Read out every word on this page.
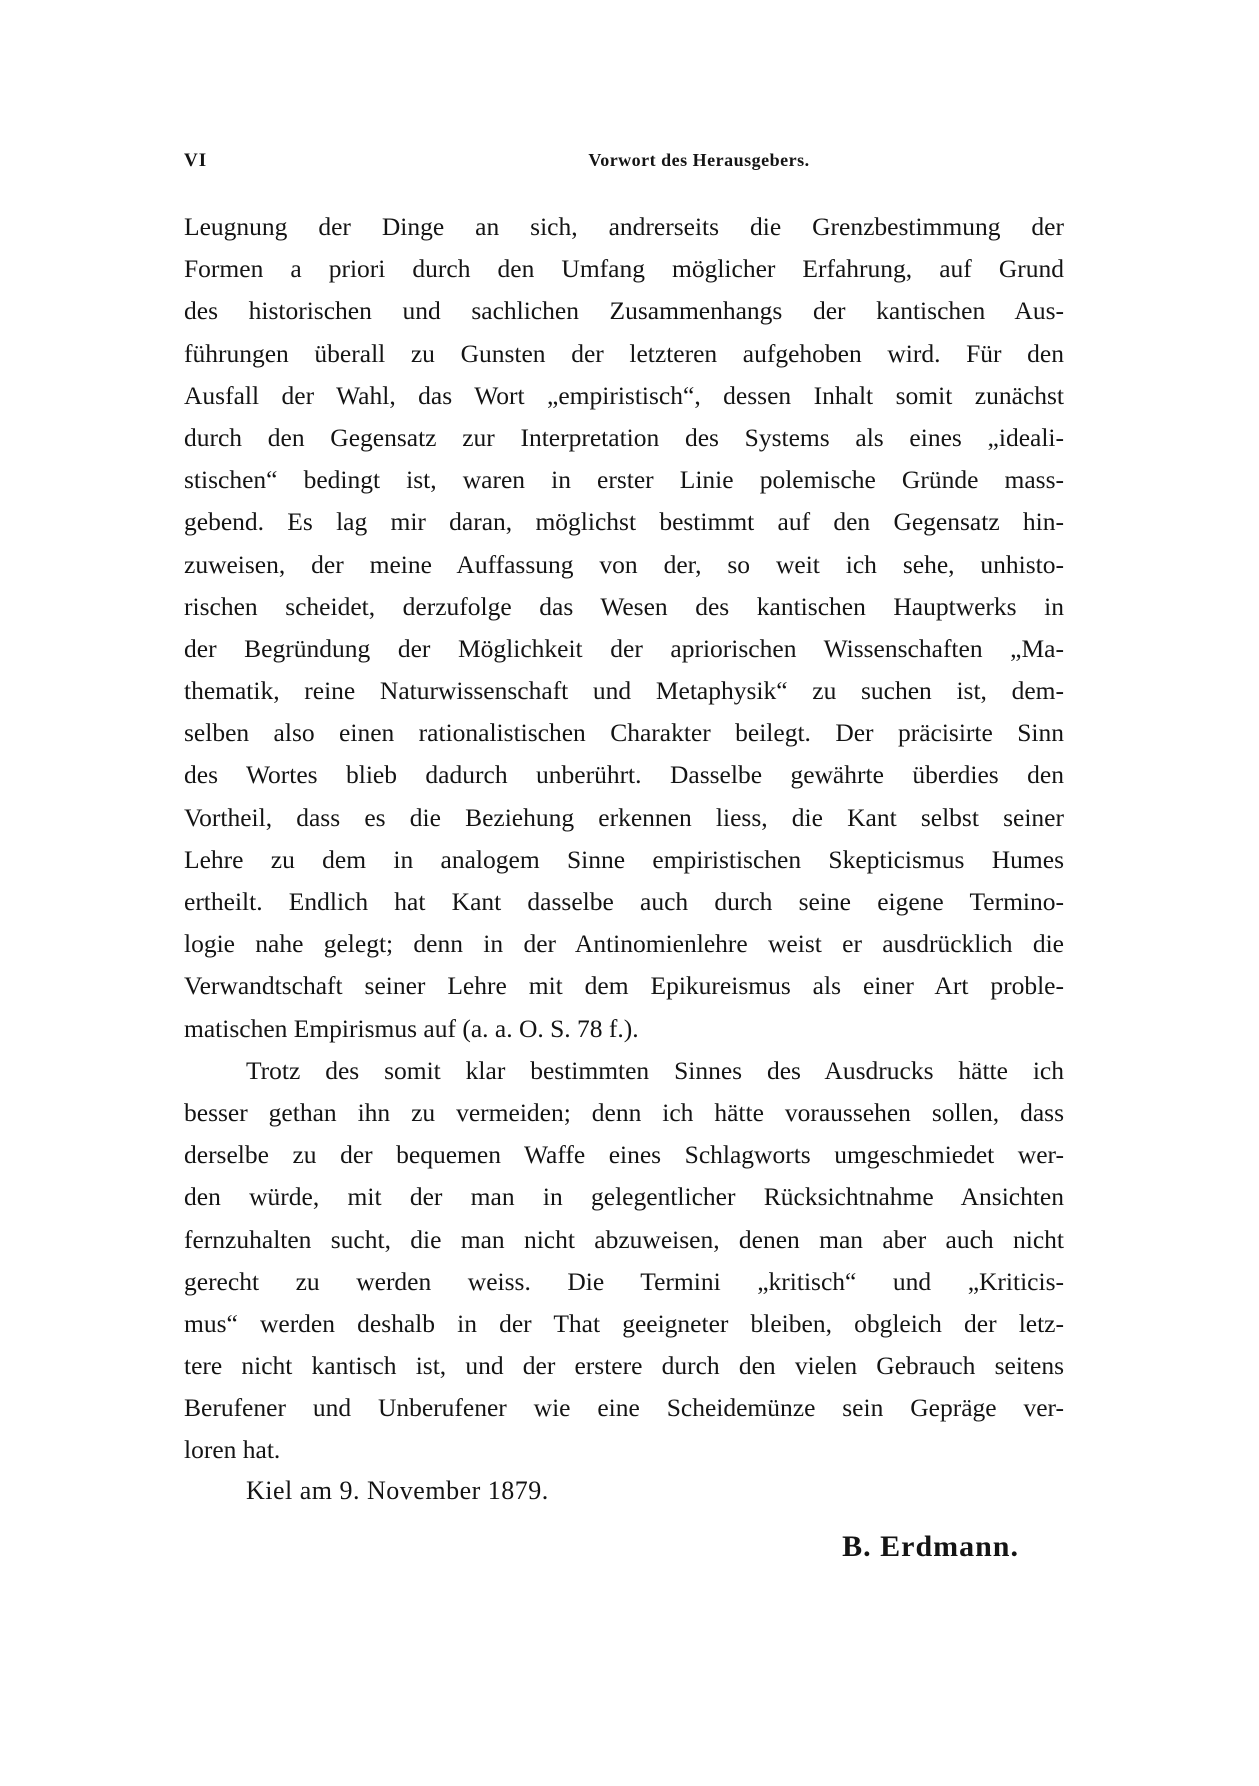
VI	Vorwort des Herausgebers.
Leugnung der Dinge an sich, andrerseits die Grenzbestimmung der
Formen a priori durch den Umfang möglicher Erfahrung, auf Grund
des historischen und sachlichen Zusammenhangs der kantischen Aus-
führungen überall zu Gunsten der letzteren aufgehoben wird. Für den
Ausfall der Wahl, das Wort „empiristisch“, dessen Inhalt somit zunächst
durch den Gegensatz zur Interpretation des Systems als eines „ideali-
stischen“ bedingt ist, waren in erster Linie polemische Gründe mass-
gebend. Es lag mir daran, möglichst bestimmt auf den Gegensatz hin-
zuweisen, der meine Auffassung von der, so weit ich sehe, unhisto-
rischen scheidet, derzufolge das Wesen des kantischen Hauptwerks in
der Begründung der Möglichkeit der apriorischen Wissenschaften „Ma-
thematik, reine Naturwissenschaft und Metaphysik“ zu suchen ist, dem-
selben also einen rationalistischen Charakter beilegt. Der präcisirte Sinn
des Wortes blieb dadurch unberührt. Dasselbe gewährte überdies den
Vortheil, dass es die Beziehung erkennen liess, die Kant selbst seiner
Lehre zu dem in analogem Sinne empiristischen Skepticismus Humes
ertheilt. Endlich hat Kant dasselbe auch durch seine eigene Termino-
logie nahe gelegt; denn in der Antinomienlehre weist er ausdrücklich die
Verwandtschaft seiner Lehre mit dem Epikureismus als einer Art proble-
matischen Empirismus auf (a. a. O. S. 78 f.).
Trotz des somit klar bestimmten Sinnes des Ausdrucks hätte ich
besser gethan ihn zu vermeiden; denn ich hätte voraussehen sollen, dass
derselbe zu der bequemen Waffe eines Schlagworts umgeschmiedet wer-
den würde, mit der man in gelegentlicher Rücksichtnahme Ansichten
fernzuhalten sucht, die man nicht abzuweisen, denen man aber auch nicht
gerecht zu werden weiss. Die Termini „kritisch“ und „Kriticis-
mus“ werden deshalb in der That geeigneter bleiben, obgleich der letz-
tere nicht kantisch ist, und der erstere durch den vielen Gebrauch seitens
Berufener und Unberufener wie eine Scheidemünze sein Gepräge ver-
loren hat.
Kiel am 9. November 1879.
B. Erdmann.
